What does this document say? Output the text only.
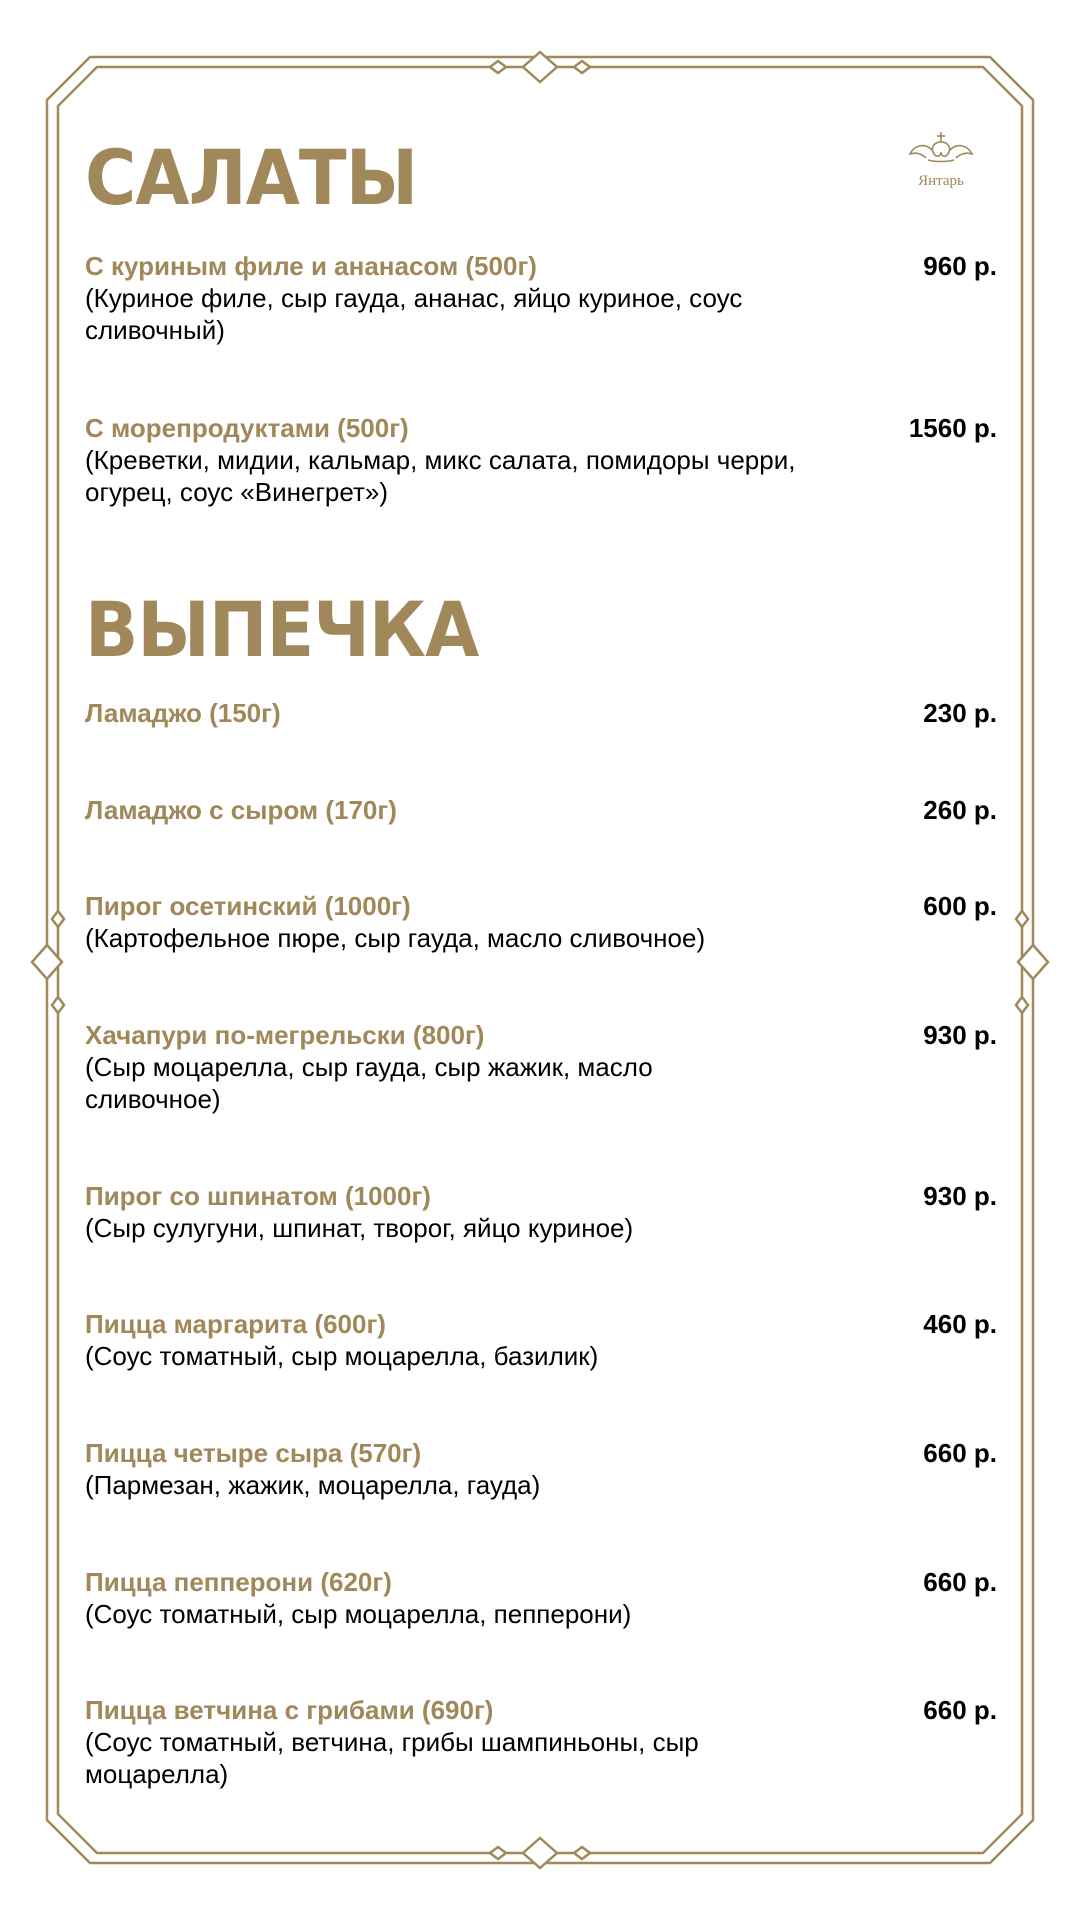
Янтарь
САЛАТЫ
С куриным филе и ананасом (500г)
(Куриное филе, сыр гауда, ананас, яйцо куриное, соус сливочный)
960 р.
С морепродуктами (500г)
(Креветки, мидии, кальмар, микс салата, помидоры черри, огурец, соус «Винегрет»)
1560 р.
ВЫПЕЧКА
Ламаджо (150г)	230 р.
Ламаджо с сыром (170г)	260 р.
Пирог осетинский (1000г)
(Картофельное пюре, сыр гауда, масло сливочное)
600 р.
Хачапури по-мегрельски (800г)
(Сыр моцарелла, сыр гауда, сыр жажик, масло сливочное)
930 р.
Пирог со шпинатом (1000г)
(Сыр сулугуни, шпинат, творог, яйцо куриное)
930 р.
Пицца маргарита (600г)
(Соус томатный, сыр моцарелла, базилик)
460 р.
Пицца четыре сыра (570г)
(Пармезан, жажик, моцарелла, гауда)
660 р.
Пицца пепперони (620г)
(Соус томатный, сыр моцарелла, пепперони)
660 р.
Пицца ветчина с грибами (690г)
(Соус томатный, ветчина, грибы шампиньоны, сыр моцарелла)
660 р.
